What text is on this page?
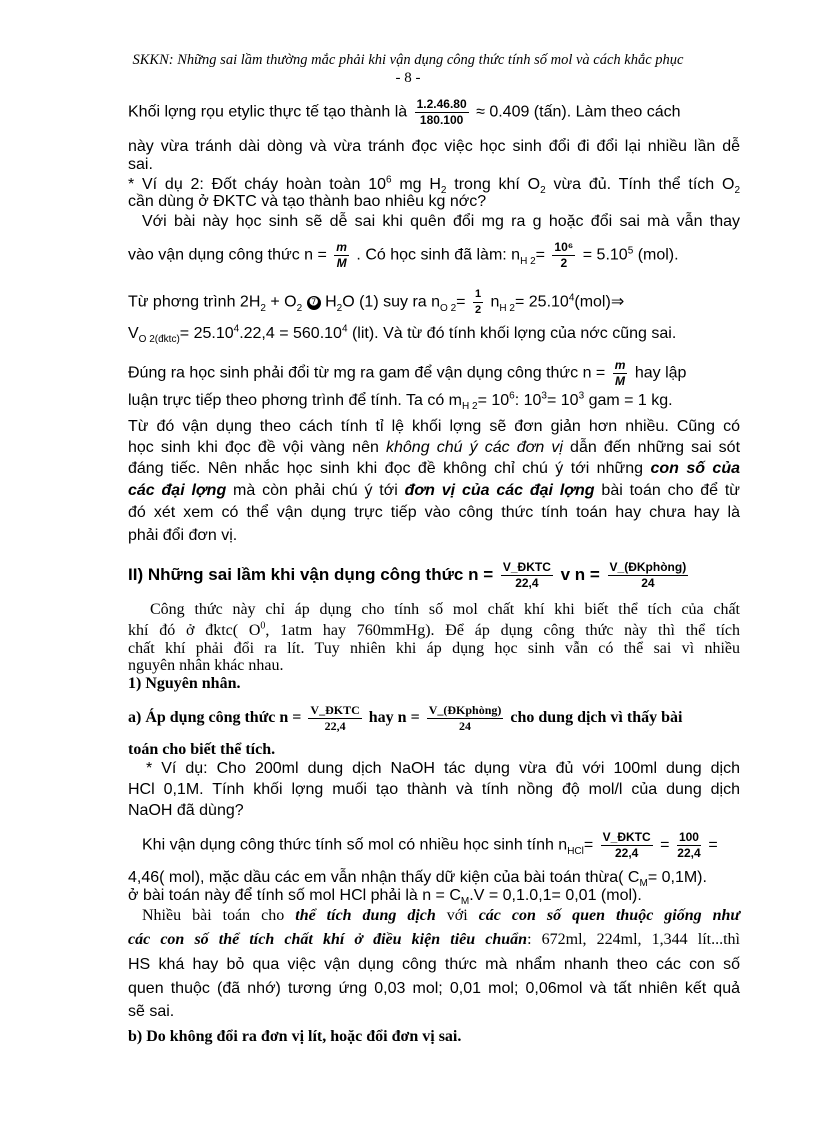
SKKN: Những sai lầm thường mắc phải khi vận dụng công thức tính số mol và cách khắc phục
- 8 -
Khối lợng rọu etylic thực tế tạo thành là $\frac{1.2.46.80}{180.100} \approx 0.409$ (tấn). Làm theo cách
này vừa tránh dài dòng và vừa tránh đọc việc học sinh đổi đi đổi lại nhiều lần dễ
sai.
* Ví dụ 2: Đốt cháy hoàn toàn $10^6$ mg $H_2$ trong khí $O_2$ vừa đủ. Tính thể tích $O_2$
cần dùng ở ĐKTC và tạo thành bao nhiêu kg nớc?
Với bài này học sinh sẽ dễ sai khi quên đổi mg ra g hoặc đổi sai mà vẫn thay
vào vận dụng công thức $n = \frac{m}{M}$ . Có học sinh đã làm: $n_{H 2}= \frac{\text{10⁶}}{2} = 5.10^5$ (mol).
Từ phơng trình $2H_2 + O_2$ ➐ $H_2O$ (1) suy ra $n_{O 2}= \frac{1}{2} n_{H 2}=$ $25.10^4(mol)\Rightarrow$
$V_{O 2(đktc)}= 25.10^4.22,4 = 560.10^4$ (lit). Và từ đó tính khối lợng của nớc cũng sai.
Đúng ra học sinh phải đổi từ mg ra gam để vận dụng công thức $n = \frac{m}{M}$ hay lập
luận trực tiếp theo phơng trình để tính. Ta có $m_{H 2}= 10^6$: $10^3= 10^3$ gam = 1 kg.
Từ đó vận dụng theo cách tính tỉ lệ khối lợng sẽ đơn giản hơn nhiều. Cũng có
học sinh khi đọc đề vội vàng nên không chú ý các đơn vị dẫn đến những sai sót
đáng tiếc. Nên nhắc học sinh khi đọc đề không chỉ chú ý tới những con số của
các đại lợng mà còn phải chú ý tới đơn vị của các đại lợng bài toán cho để từ
đó xét xem có thể vận dụng trực tiếp vào công thức tính toán hay chưa hay là
phải đổi đơn vị.
II) Những sai lầm khi vận dụng công thức n = V_ĐKTC
22,4	v n = V_(ĐKphòng)
24
Công thức này chỉ áp dụng cho tính số mol chất khí khi biết thể tích của chất
khí đó ở đktc( $O^0$, 1atm hay 760mmHg). Để áp dụng công thức này thì thể tích
chất khí phải đổi ra lít. Tuy nhiên khi áp dụng học sinh vẫn có thể sai vì nhiều
nguyên nhân khác nhau.
1) Nguyên nhân.
a) Áp dụng công thức n = V_ĐKTC
22,4	hay n = V_(ĐKphòng)
24	cho dung dịch vì thấy bài
toán cho biết thể tích.
* Ví dụ: Cho 200ml dung dịch NaOH tác dụng vừa đủ với 100ml dung dịch
HCl 0,1M. Tính khối lợng muối tạo thành và tính nồng độ mol/l của dung dịch
NaOH đã dùng?
Khi vận dụng công thức tính số mol có nhiều học sinh tính $n_{HCl}=$ V_ĐKTC
22,4	= $\frac{100}{22,4}$ =
4,46( mol), mặc dầu các em vẫn nhận thấy dữ kiện của bài toán thừa( $C_M= 0,1M$).
ở bài toán này để tính số mol HCl phải là $n = C_M.V = 0,1.0,1= 0,01$ (mol).
Nhiều bài toán cho thể tích dung dịch với các con số quen thuộc giống như
các con số thể tích chất khí ở điều kiện tiêu chuẩn: 672ml, 224ml, 1,344 lít...thì
HS khá hay bỏ qua việc vận dụng công thức mà nhẩm nhanh theo các con số
quen thuộc (đã nhớ) tương ứng 0,03 mol; 0,01 mol; 0,06mol và tất nhiên kết quả
sẽ sai.
b) Do không đổi ra đơn vị lít, hoặc đổi đơn vị sai.
